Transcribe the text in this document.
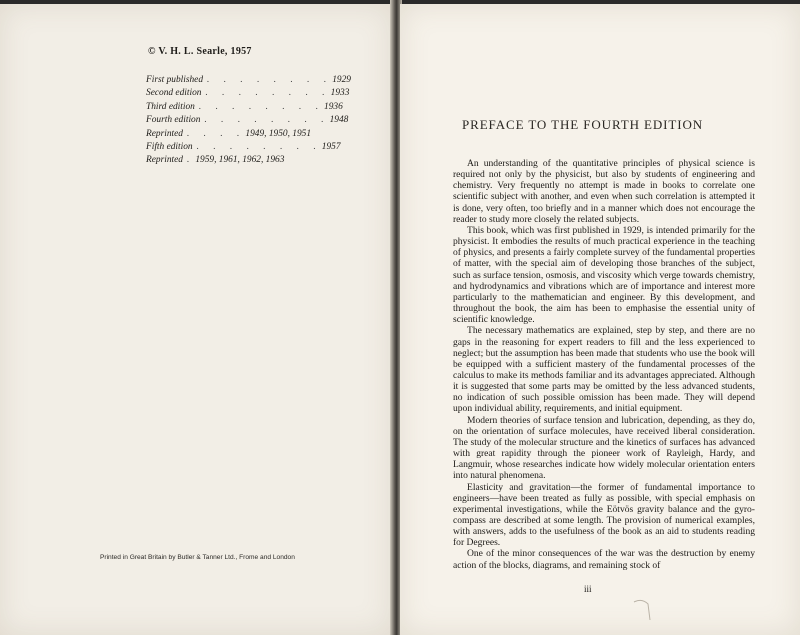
© V. H. L. Searle, 1957
First published . . . . . . . . 1929
Second edition . . . . . . . . 1933
Third edition . . . . . . . . 1936
Fourth edition . . . . . . . . 1948
Reprinted . . . . 1949, 1950, 1951
Fifth edition . . . . . . . . 1957
Reprinted . 1959, 1961, 1962, 1963
Printed in Great Britain by Butler & Tanner Ltd., Frome and London
PREFACE TO THE FOURTH EDITION

An understanding of the quantitative principles of physical science is required not only by the physicist, but also by students of engineering and chemistry. Very frequently no attempt is made in books to correlate one scientific subject with another, and even when such correlation is attempted it is done, very often, too briefly and in a manner which does not encourage the reader to study more closely the related subjects.

This book, which was first published in 1929, is intended primarily for the physicist. It embodies the results of much practical experience in the teaching of physics, and presents a fairly complete survey of the fundamental properties of matter, with the special aim of developing those branches of the subject, such as surface tension, osmosis, and viscosity which verge towards chemistry, and hydrodynamics and vibrations which are of importance and interest more particularly to the mathematician and engineer. By this development, and throughout the book, the aim has been to emphasise the essential unity of scientific knowledge.

The necessary mathematics are explained, step by step, and there are no gaps in the reasoning for expert readers to fill and the less experienced to neglect; but the assumption has been made that students who use the book will be equipped with a sufficient mastery of the fundamental processes of the calculus to make its methods familiar and its advantages appreciated. Although it is suggested that some parts may be omitted by the less advanced students, no indication of such possible omission has been made. They will depend upon individual ability, requirements, and initial equipment.

Modern theories of surface tension and lubrication, depending, as they do, on the orientation of surface molecules, have received liberal consideration. The study of the molecular structure and the kinetics of surfaces has advanced with great rapidity through the pioneer work of Rayleigh, Hardy, and Langmuir, whose researches indicate how widely molecular orientation enters into natural phenomena.

Elasticity and gravitation—the former of fundamental importance to engineers—have been treated as fully as possible, with special emphasis on experimental investigations, while the Eötvös gravity balance and the gyro-compass are described at some length. The provision of numerical examples, with answers, adds to the usefulness of the book as an aid to students reading for Degrees.

One of the minor consequences of the war was the destruction by enemy action of the blocks, diagrams, and remaining stock of

iii
